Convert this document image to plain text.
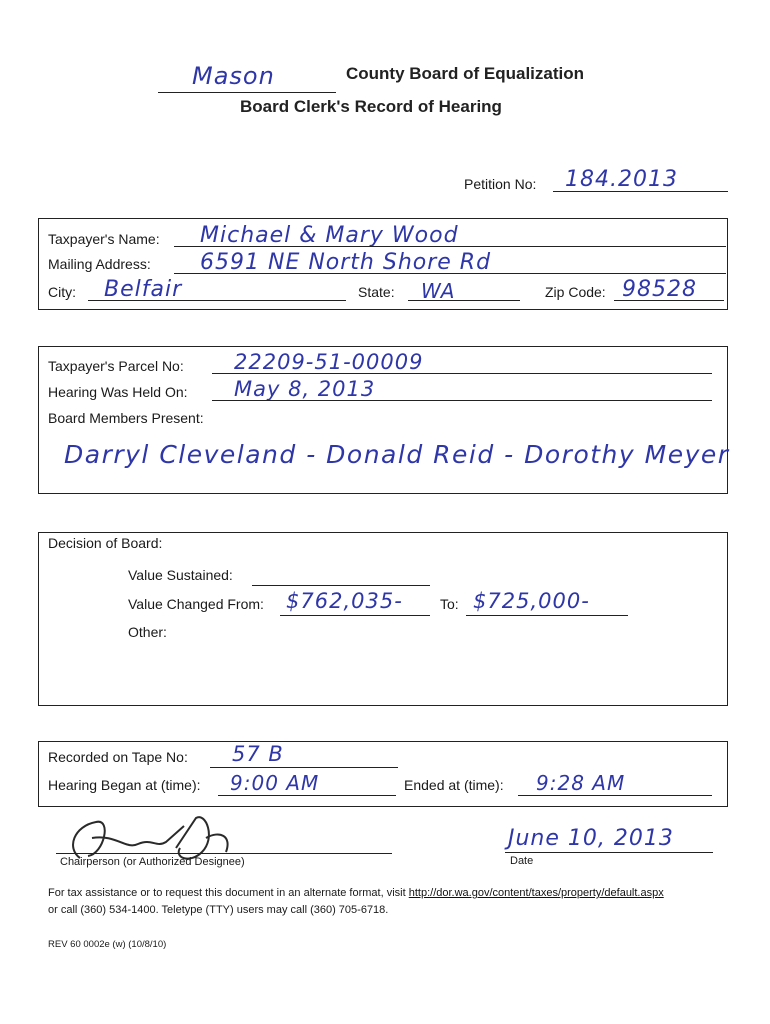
Mason	County Board of Equalization
Board Clerk's Record of Hearing
Petition No: 184.2013
Taxpayer's Name: Michael & Mary Wood
Mailing Address: 6591 NE North Shore Rd
City: Belfair	State: WA	Zip Code: 98528
Taxpayer's Parcel No: 22209-51-00009
Hearing Was Held On: May 8, 2013
Board Members Present:
Darryl Cleveland - Donald Reid - Dorothy Meyer
Decision of Board:
Value Sustained:
Value Changed From: $762,035-	To: $725,000-
Other:
Recorded on Tape No: 57 B
Hearing Began at (time): 9:00 AM	Ended at (time): 9:28 AM
Chairperson (or Authorized Designee)
June 10, 2013
Date
For tax assistance or to request this document in an alternate format, visit http://dor.wa.gov/content/taxes/property/default.aspx
or call (360) 534-1400. Teletype (TTY) users may call (360) 705-6718.
REV 60 0002e (w) (10/8/10)
